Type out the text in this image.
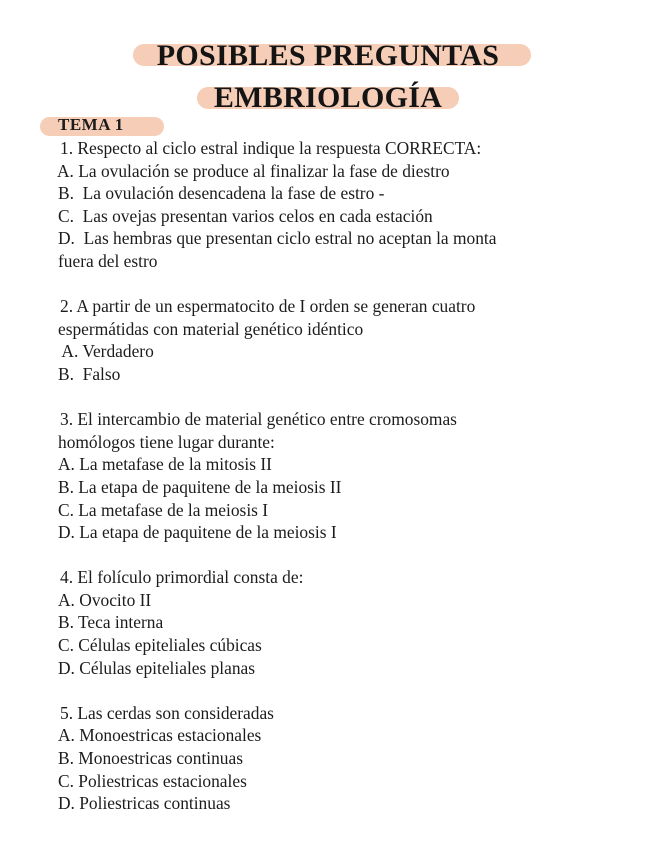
POSIBLES PREGUNTAS
EMBRIOLOGÍA
TEMA 1
1. Respecto al ciclo estral indique la respuesta CORRECTA:
A. La ovulación se produce al finalizar la fase de diestro
B.  La ovulación desencadena la fase de estro -
C.  Las ovejas presentan varios celos en cada estación
D.  Las hembras que presentan ciclo estral no aceptan la monta
fuera del estro
2. A partir de un espermatocito de I orden se generan cuatro
espermátidas con material genético idéntico
A. Verdadero
B.  Falso
3. El intercambio de material genético entre cromosomas
homólogos tiene lugar durante:
A. La metafase de la mitosis II
B. La etapa de paquitene de la meiosis II
C. La metafase de la meiosis I
D. La etapa de paquitene de la meiosis I
4. El folículo primordial consta de:
A. Ovocito II
B. Teca interna
C. Células epiteliales cúbicas
D. Células epiteliales planas
5. Las cerdas son consideradas
A. Monoestricas estacionales
B. Monoestricas continuas
C. Poliestricas estacionales
D. Poliestricas continuas
